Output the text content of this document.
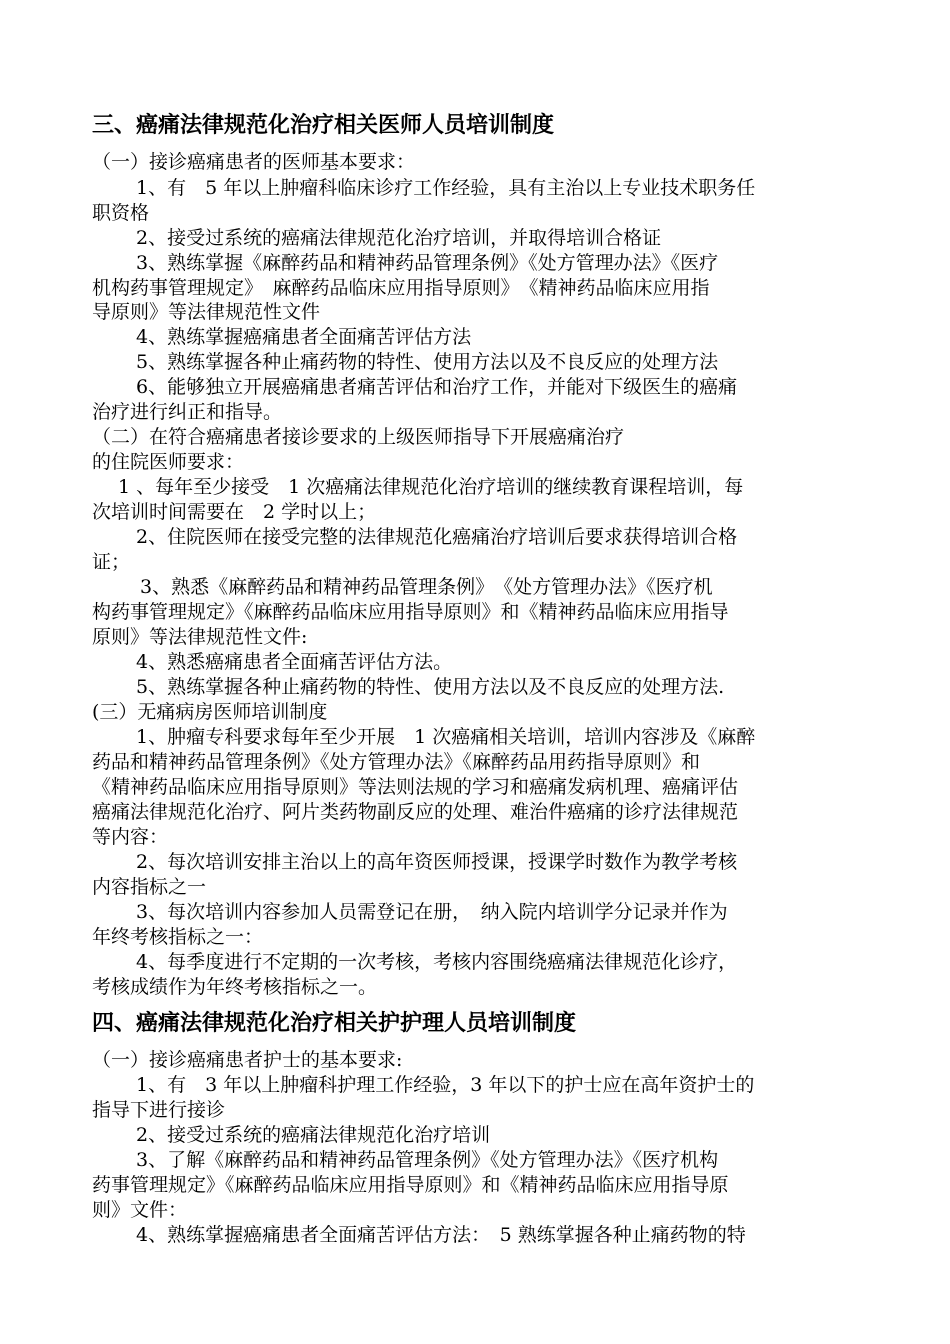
三、癌痛法律规范化治疗相关医师人员培训制度
（一）接诊癌痛患者的医师基本要求：
1、有　5 年以上肿瘤科临床诊疗工作经验，具有主治以上专业技术职务任
职资格
2、接受过系统的癌痛法律规范化治疗培训，并取得培训合格证
3、熟练掌握《麻醉药品和精神药品管理条例》《处方管理办法》《医疗
机构药事管理规定》　麻醉药品临床应用指导原则》　《精神药品临床应用指
导原则》等法律规范性文件
4、熟练掌握癌痛患者全面痛苦评估方法
5、熟练掌握各种止痛药物的特性、使用方法以及不良反应的处理方法
6、能够独立开展癌痛患者痛苦评估和治疗工作，并能对下级医生的癌痛
治疗进行纠正和指导。
（二）在符合癌痛患者接诊要求的上级医师指导下开展癌痛治疗
的住院医师要求：
1 、每年至少接受　1 次癌痛法律规范化治疗培训的继续教育课程培训，每
次培训时间需要在　2 学时以上；
2、住院医师在接受完整的法律规范化癌痛治疗培训后要求获得培训合格
证；
3、熟悉《麻醉药品和精神药品管理条例》　《处方管理办法》《医疗机
构药事管理规定》《麻醉药品临床应用指导原则》和《精神药品临床应用指导
原则》等法律规范性文件:
4、熟悉癌痛患者全面痛苦评估方法。
5、熟练掌握各种止痛药物的特性、使用方法以及不良反应的处理方法.
(三）无痛病房医师培训制度
1、肿瘤专科要求每年至少开展　1 次癌痛相关培训，培训内容涉及《麻醉
药品和精神药品管理条例》《处方管理办法》《麻醉药品用药指导原则》和
《精神药品临床应用指导原则》等法则法规的学习和癌痛发病机理、癌痛评估
癌痛法律规范化治疗、阿片类药物副反应的处理、难治件癌痛的诊疗法律规范
等内容：
2、每次培训安排主治以上的高年资医师授课，授课学时数作为教学考核
内容指标之一
3、每次培训内容参加人员需登记在册，　纳入院内培训学分记录并作为
年终考核指标之一：
4、每季度进行不定期的一次考核，考核内容围绕癌痛法律规范化诊疗，
考核成绩作为年终考核指标之一。
四、癌痛法律规范化治疗相关护护理人员培训制度
（一）接诊癌痛患者护士的基本要求:
1、有　3 年以上肿瘤科护理工作经验，3 年以下的护士应在高年资护士的
指导下进行接诊
2、接受过系统的癌痛法律规范化治疗培训
3、了解《麻醉药品和精神药品管理条例》《处方管理办法》《医疗机构
药事管理规定》《麻醉药品临床应用指导原则》和《精神药品临床应用指导原
则》文件：
4、熟练掌握癌痛患者全面痛苦评估方法：　5 熟练掌握各种止痛药物的特
